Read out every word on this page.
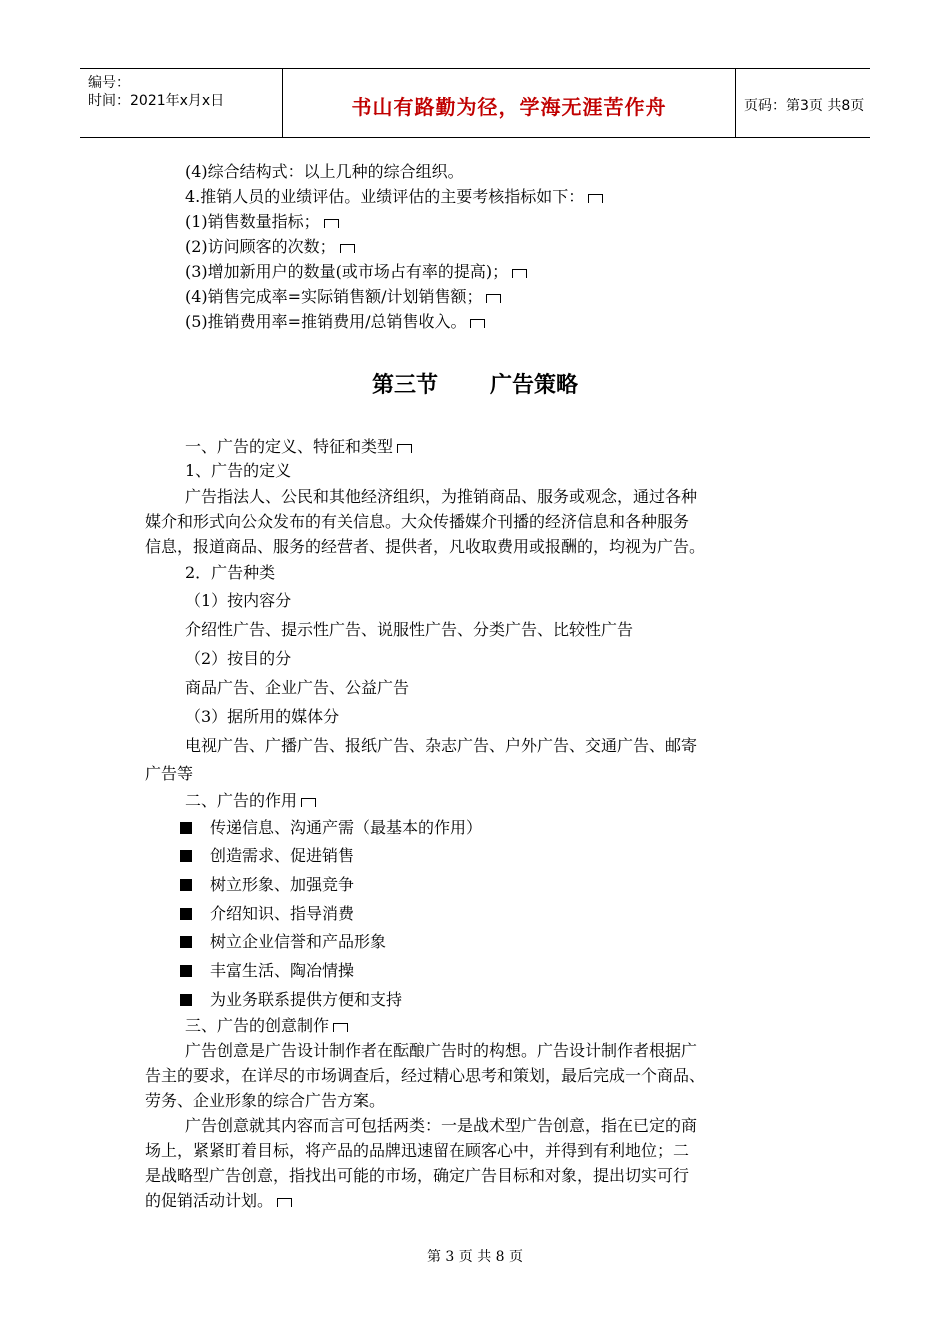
编号：
时间：2021年x月x日	书山有路勤为径，学海无涯苦作舟	页码：第3页 共8页
(4)综合结构式：以上几种的综合组织。
4.推销人员的业绩评估。业绩评估的主要考核指标如下：
(1)销售数量指标；
(2)访问顾客的次数；
(3)增加新用户的数量(或市场占有率的提高)；
(4)销售完成率=实际销售额/计划销售额；
(5)推销费用率=推销费用/总销售收入。
第三节 广告策略
一、广告的定义、特征和类型
1、广告的定义
广告指法人、公民和其他经济组织，为推销商品、服务或观念，通过各种
媒介和形式向公众发布的有关信息。大众传播媒介刊播的经济信息和各种服务
信息，报道商品、服务的经营者、提供者，凡收取费用或报酬的，均视为广告。
2．广告种类
（1）按内容分
介绍性广告、提示性广告、说服性广告、分类广告、比较性广告
（2）按目的分
商品广告、企业广告、公益广告
（3）据所用的媒体分
电视广告、广播广告、报纸广告、杂志广告、户外广告、交通广告、邮寄
广告等
二、广告的作用
传递信息、沟通产需（最基本的作用）
创造需求、促进销售
树立形象、加强竞争
介绍知识、指导消费
树立企业信誉和产品形象
丰富生活、陶冶情操
为业务联系提供方便和支持
三、广告的创意制作
广告创意是广告设计制作者在酝酿广告时的构想。广告设计制作者根据广
告主的要求，在详尽的市场调查后，经过精心思考和策划，最后完成一个商品、
劳务、企业形象的综合广告方案。
广告创意就其内容而言可包括两类：一是战术型广告创意，指在已定的商
场上，紧紧盯着目标，将产品的品牌迅速留在顾客心中，并得到有利地位；二
是战略型广告创意，指找出可能的市场，确定广告目标和对象，提出切实可行
的促销活动计划。
第 3 页 共 8 页
